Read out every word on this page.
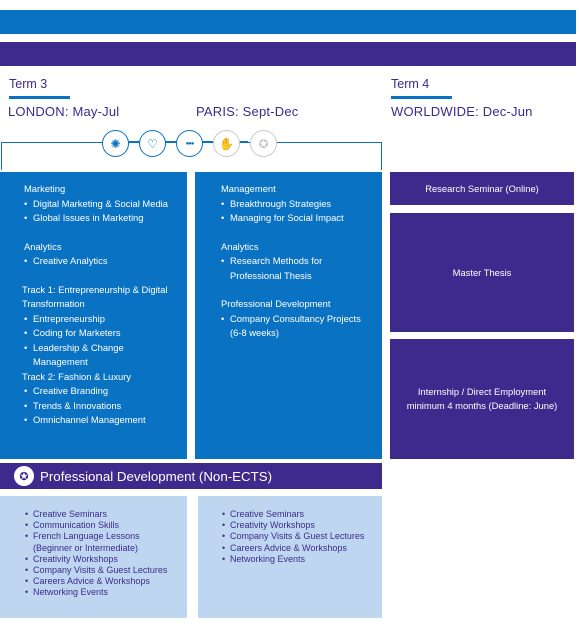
Term 3	Term 4
LONDON: May-Jul	PARIS: Sept-Dec	WORLDWIDE: Dec-Jun
✺ ♡	●●● ✋ ✪
Marketing
• Digital Marketing & Social Media
• Global Issues in Marketing
Analytics
• Creative Analytics
Track 1: Entrepreneurship & Digital Transformation
• Entrepreneurship
• Coding for Marketers
• Leadership & Change Management
Track 2: Fashion & Luxury
• Creative Branding
• Trends & Innovations
• Omnichannel Management
Management
• Breakthrough Strategies
• Managing for Social Impact
Analytics
• Research Methods for Professional Thesis
Professional Development
• Company Consultancy Projects (6-8 weeks)
Research Seminar (Online)
Master Thesis
Internship / Direct Employment minimum 4 months (Deadline: June)
✪ Professional Development (Non-ECTS)
• Creative Seminars
• Communication Skills
• French Language Lessons (Beginner or Intermediate)
• Creativity Workshops
• Company Visits & Guest Lectures
• Careers Advice & Workshops
• Networking Events
• Creative Seminars
• Creativity Workshops
• Company Visits & Guest Lectures
• Careers Advice & Workshops
• Networking Events
